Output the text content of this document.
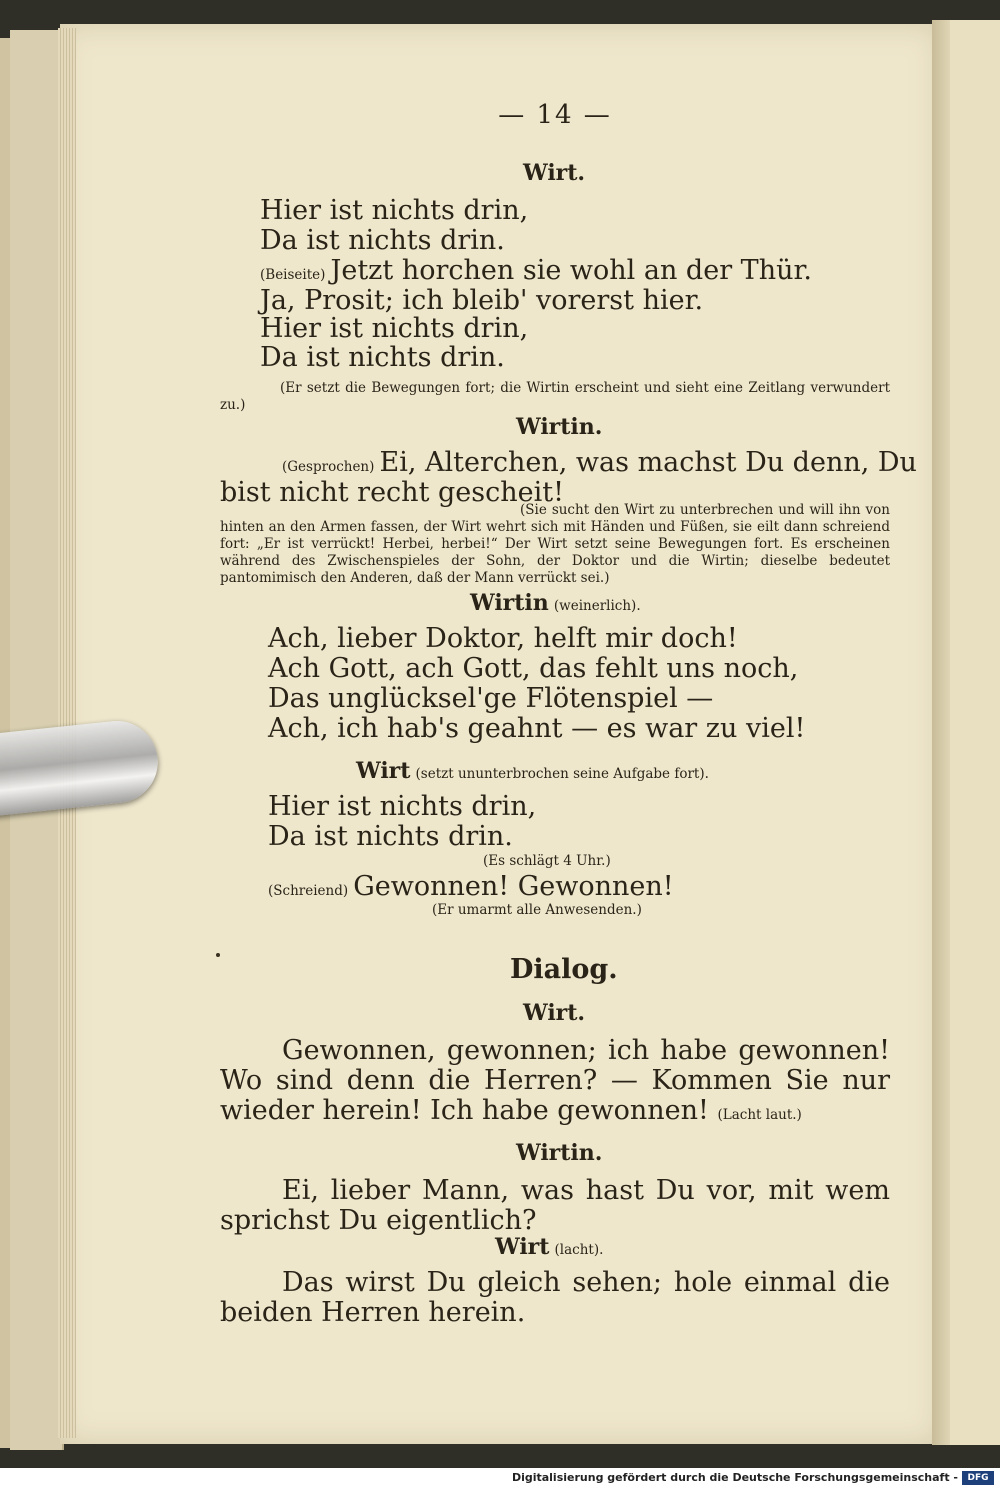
— 14 —
Wirt.
Hier ist nichts drin,
Da ist nichts drin.
(Beiseite) Jetzt horchen sie wohl an der Thür.
Ja, Prosit; ich bleib' vorerst hier.
Hier ist nichts drin,
Da ist nichts drin.
(Er setzt die Bewegungen fort; die Wirtin erscheint und sieht eine Zeitlang verwundert zu.)
Wirtin.
(Gesprochen) Ei, Alterchen, was machst Du denn, Du
bist nicht recht gescheit!
(Sie sucht den Wirt zu unterbrechen und will ihn von hinten an den Armen fassen, der Wirt wehrt sich mit Händen und Füßen, sie eilt dann schreiend fort: „Er ist verrückt! Herbei, herbei!“ Der Wirt setzt seine Bewegungen fort. Es erscheinen während des Zwischenspieles der Sohn, der Doktor und die Wirtin; dieselbe bedeutet pantomimisch den Anderen, daß der Mann verrückt sei.)
Wirtin (weinerlich).
Ach, lieber Doktor, helft mir doch!
Ach Gott, ach Gott, das fehlt uns noch,
Das unglücksel'ge Flötenspiel —
Ach, ich hab's geahnt — es war zu viel!
Wirt (setzt ununterbrochen seine Aufgabe fort).
Hier ist nichts drin,
Da ist nichts drin.
(Es schlägt 4 Uhr.)
(Schreiend) Gewonnen! Gewonnen!
(Er umarmt alle Anwesenden.)
Dialog.
Wirt.
Gewonnen, gewonnen; ich habe gewonnen! Wo sind denn die Herren? — Kommen Sie nur wieder herein! Ich habe gewonnen! (Lacht laut.)
Wirtin.
Ei, lieber Mann, was hast Du vor, mit wem sprichst Du eigentlich?
Wirt (lacht).
Das wirst Du gleich sehen; hole einmal die beiden Herren herein.
Digitalisierung gefördert durch die Deutsche Forschungsgemeinschaft -	DFG
